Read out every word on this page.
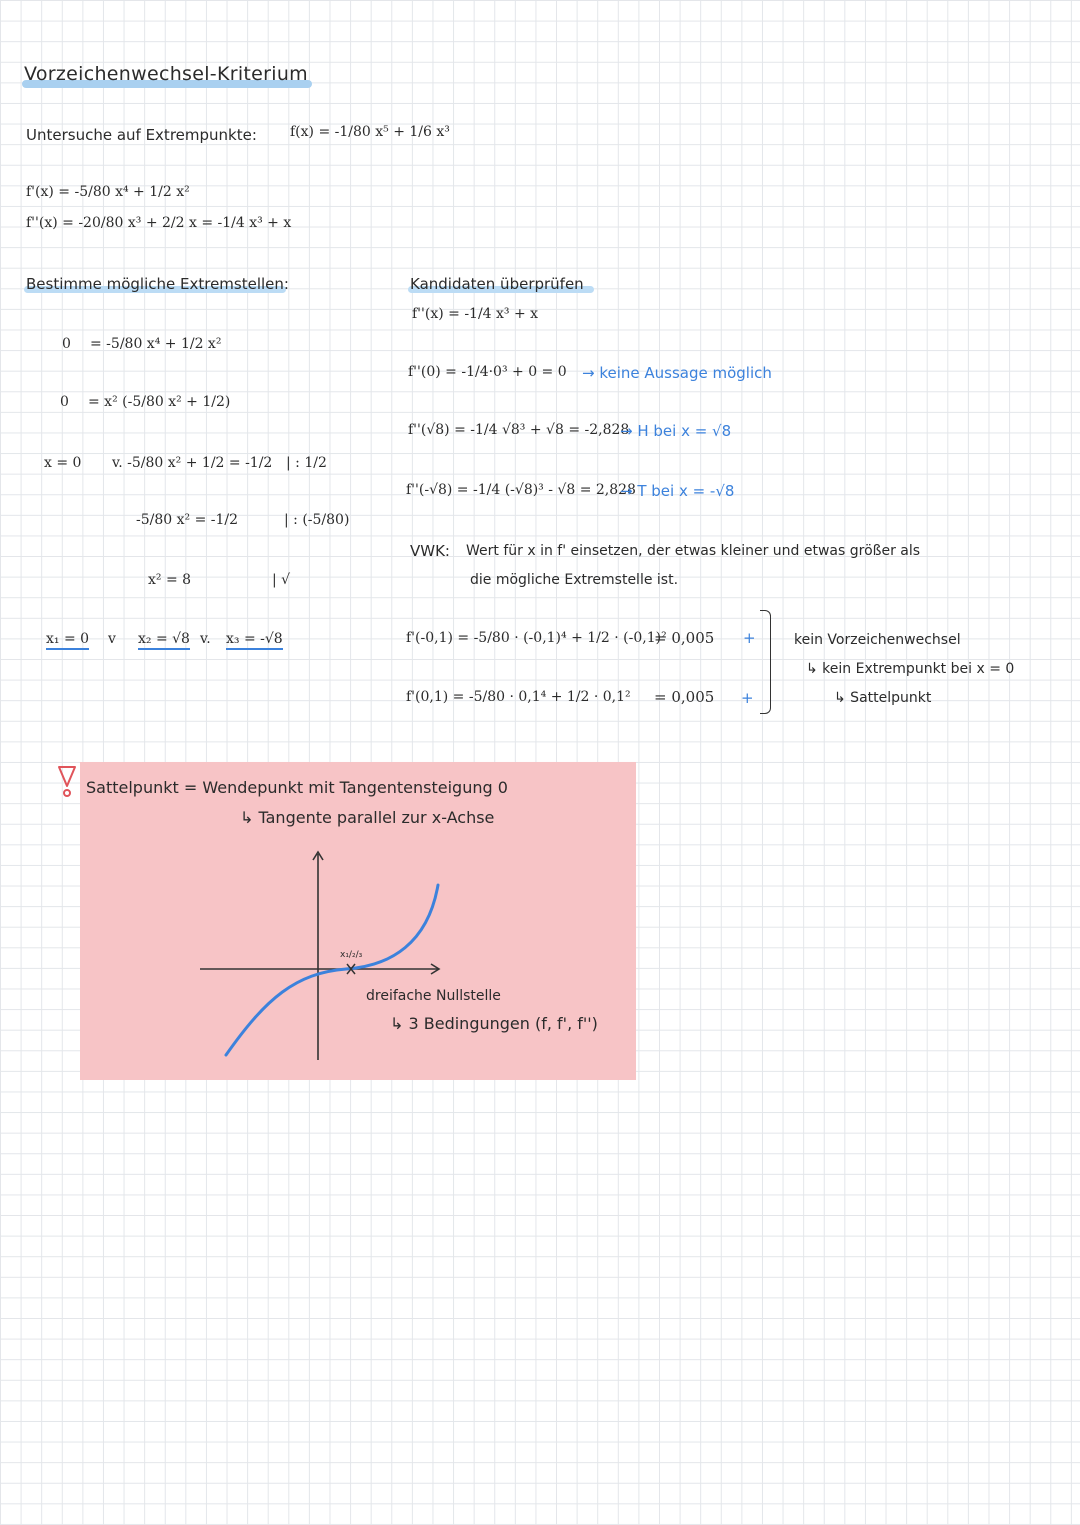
Vorzeichenwechsel-Kriterium
Untersuche auf Extrempunkte: f(x) = -1/80 x⁵ + 1/6 x³
f'(x) = -5/80 x⁴ + 1/2 x²
f''(x) = -20/80 x³ + 2/2 x = -1/4 x³ + x
Bestimme mögliche Extremstellen:
0 = -5/80 x⁴ + 1/2 x²
0 = x² (-5/80 x² + 1/2)
x = 0 v. -5/80 x² + 1/2 = -1/2 | : 1/2
-5/80 x² = -1/2	| : (-5/80)
x² = 8	| √
x₁ = 0 v x₂ = √8 v. x₃ = -√8
Kandidaten überprüfen
f''(x) = -1/4 x³ + x
f''(0) = -1/4·0³ + 0 = 0 → keine Aussage möglich
f''(√8) = -1/4 √8³ + √8 = -2,828
→ H bei x = √8
f''(-√8) = -1/4 (-√8)³ - √8 = 2,828
→ T bei x = -√8
VWK: Wert für x in f' einsetzen, der etwas kleiner und etwas größer als
die mögliche Extremstelle ist.
f'(-0,1) = -5/80 · (-0,1)⁴ + 1/2 · (-0,1)²
= 0,005 +
f'(0,1) = -5/80 · 0,1⁴ + 1/2 · 0,1² = 0,005 +
kein Vorzeichenwechsel
↳ kein Extrempunkt bei x = 0
↳ Sattelpunkt
Sattelpunkt = Wendepunkt mit Tangentensteigung 0
↳ Tangente parallel zur x-Achse
x₁/₂/₃
dreifache Nullstelle
↳ 3 Bedingungen (f, f', f'')
